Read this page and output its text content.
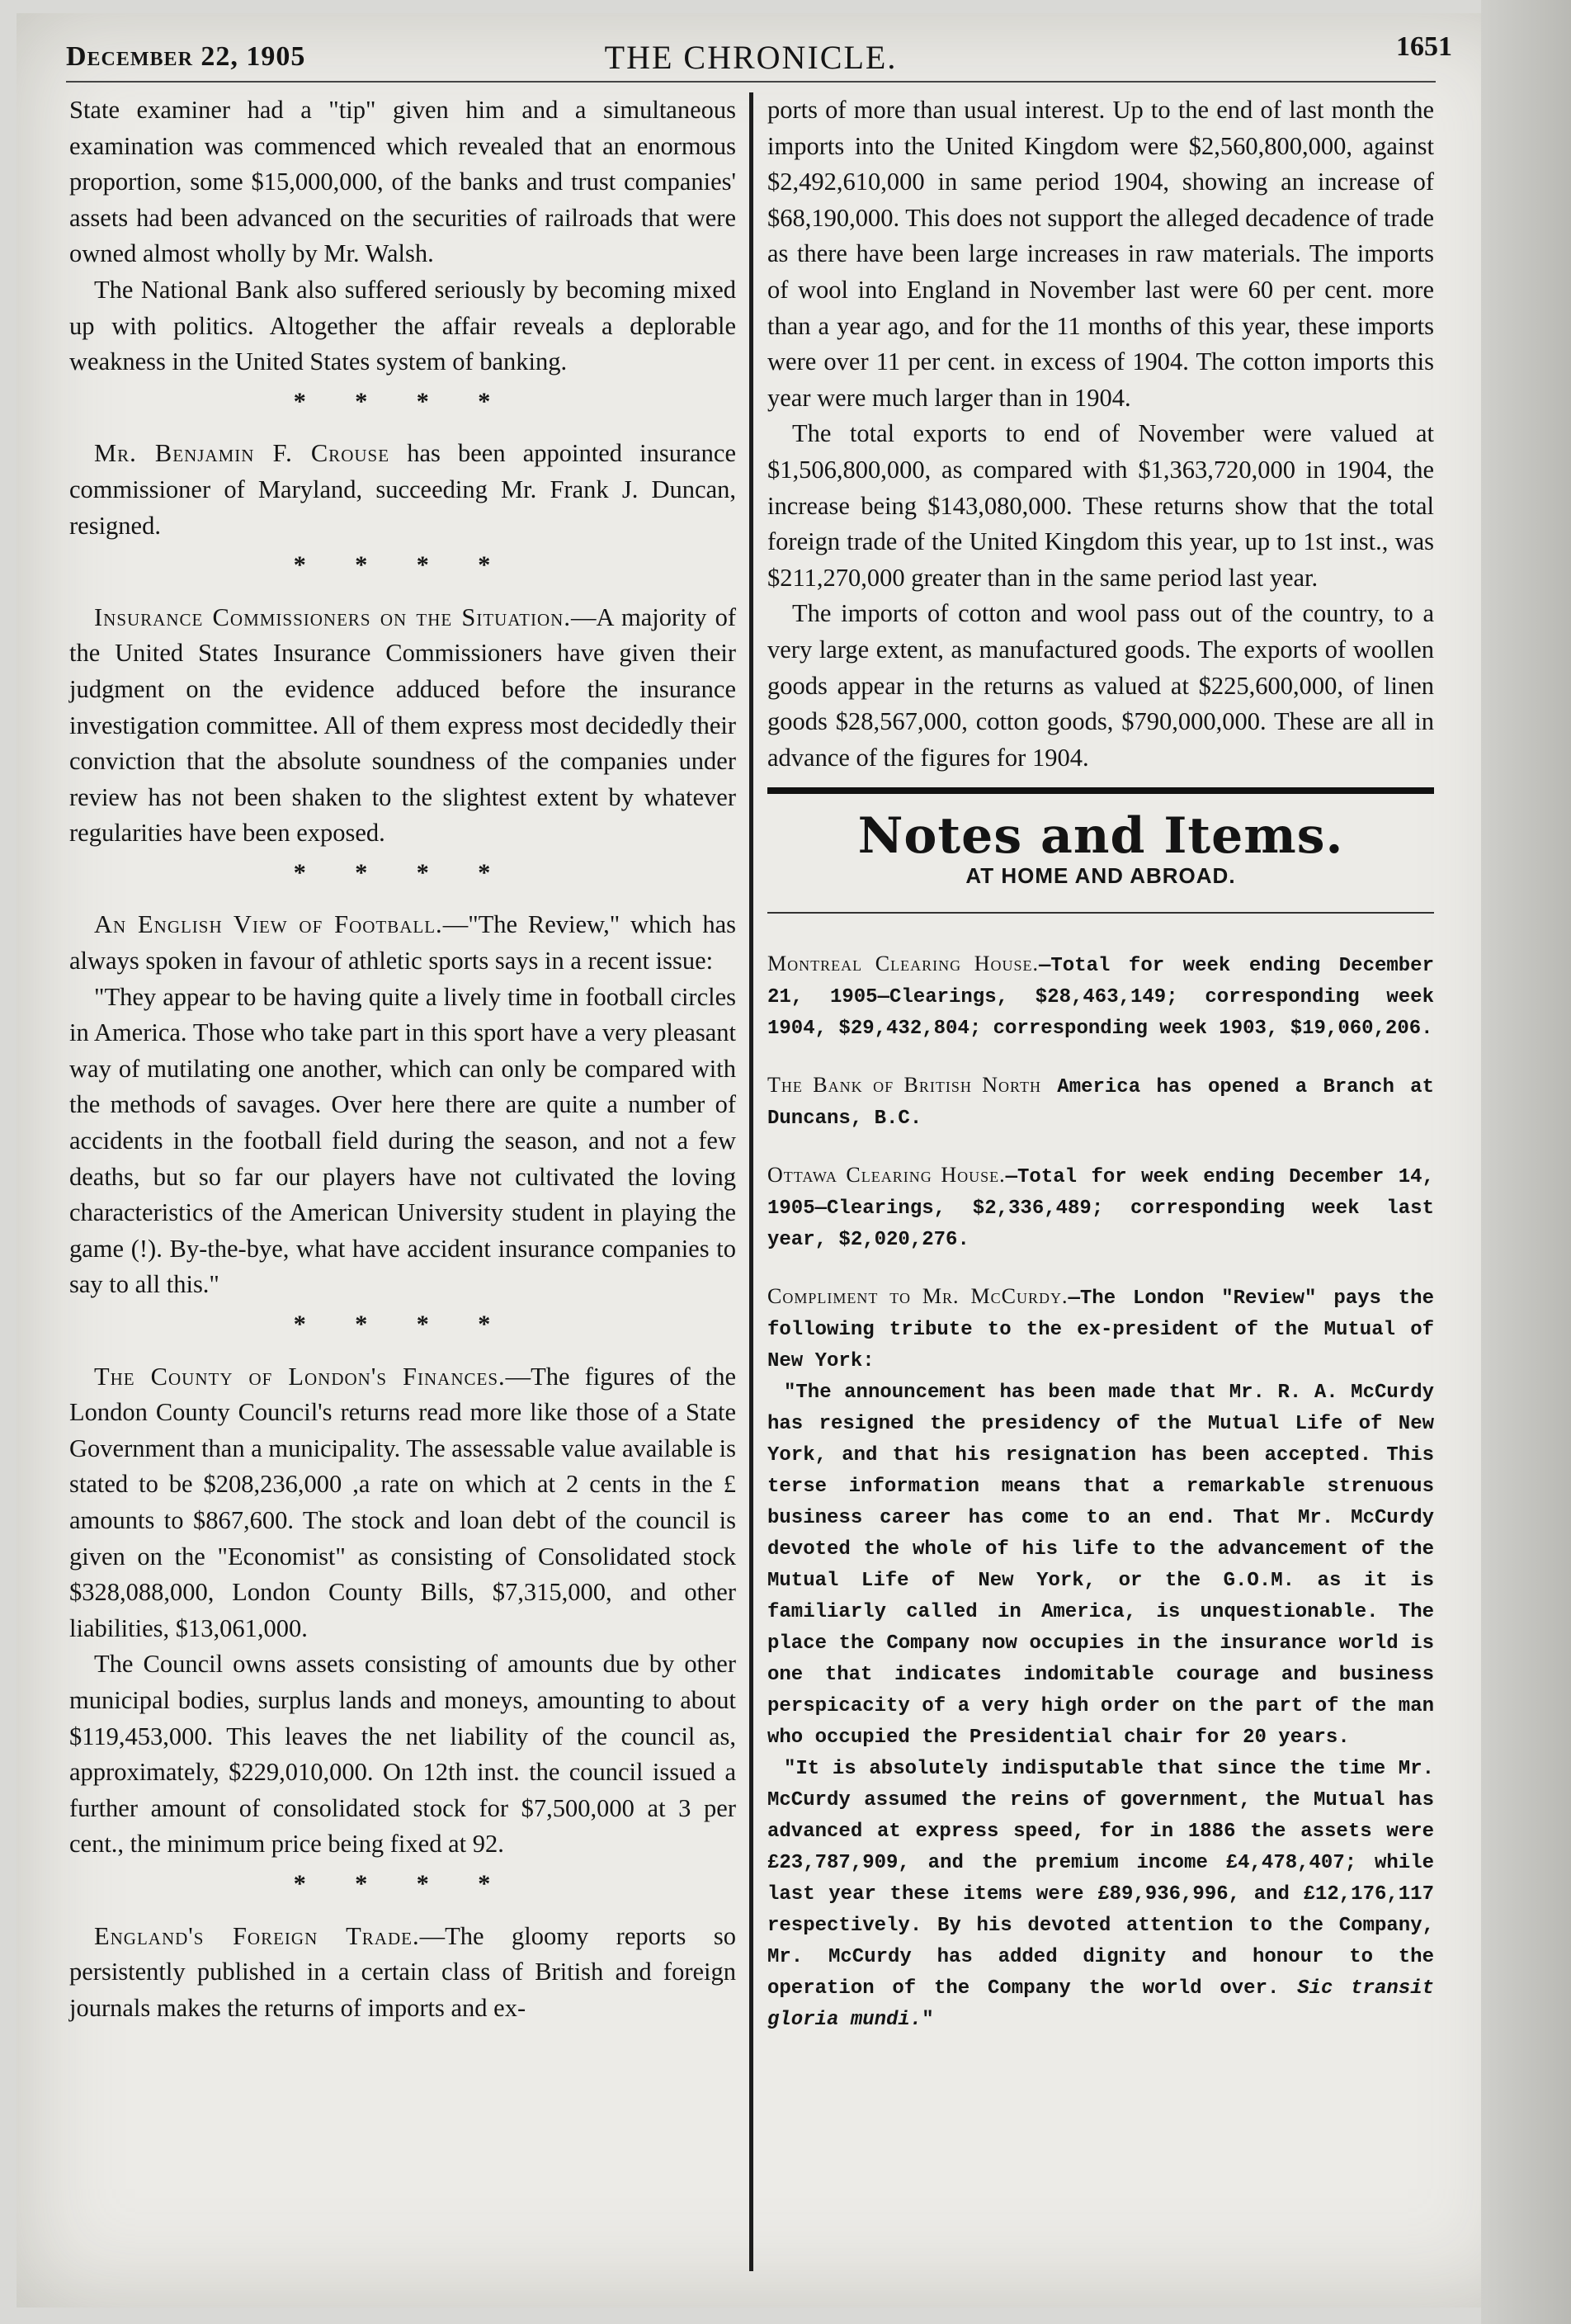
December 22, 1905	THE CHRONICLE.	1651

State examiner had a "tip" given him and a simultaneous examination was commenced which revealed that an enormous proportion, some $15,000,000, of the banks and trust companies' assets had been advanced on the securities of railroads that were owned almost wholly by Mr. Walsh.

The National Bank also suffered seriously by becoming mixed up with politics. Altogether the affair reveals a deplorable weakness in the United States system of banking.

* * * *

Mr. Benjamin F. Crouse has been appointed insurance commissioner of Maryland, succeeding Mr. Frank J. Duncan, resigned.

* * * *

Insurance Commissioners on the Situation.—A majority of the United States Insurance Commissioners have given their judgment on the evidence adduced before the insurance investigation committee. All of them express most decidedly their conviction that the absolute soundness of the companies under review has not been shaken to the slightest extent by whatever regularities have been exposed.

* * * *

An English View of Football.—"The Review," which has always spoken in favour of athletic sports says in a recent issue:

"They appear to be having quite a lively time in football circles in America. Those who take part in this sport have a very pleasant way of mutilating one another, which can only be compared with the methods of savages. Over here there are quite a number of accidents in the football field during the season, and not a few deaths, but so far our players have not cultivated the loving characteristics of the American University student in playing the game (!). By-the-bye, what have accident insurance companies to say to all this."

* * * *

The County of London's Finances.—The figures of the London County Council's returns read more like those of a State Government than a municipality. The assessable value available is stated to be $208,236,000 ,a rate on which at 2 cents in the £ amounts to $867,600. The stock and loan debt of the council is given on the "Economist" as consisting of Consolidated stock $328,088,000, London County Bills, $7,315,000, and other liabilities, $13,061,000.

The Council owns assets consisting of amounts due by other municipal bodies, surplus lands and moneys, amounting to about $119,453,000. This leaves the net liability of the council as, approximately, $229,010,000. On 12th inst. the council issued a further amount of consolidated stock for $7,500,000 at 3 per cent., the minimum price being fixed at 92.

* * * *

England's Foreign Trade.—The gloomy reports so persistently published in a certain class of British and foreign journals makes the returns of imports and ex-

ports of more than usual interest. Up to the end of last month the imports into the United Kingdom were $2,560,800,000, against $2,492,610,000 in same period 1904, showing an increase of $68,190,000. This does not support the alleged decadence of trade as there have been large increases in raw materials. The imports of wool into England in November last were 60 per cent. more than a year ago, and for the 11 months of this year, these imports were over 11 per cent. in excess of 1904. The cotton imports this year were much larger than in 1904.

The total exports to end of November were valued at $1,506,800,000, as compared with $1,363,720,000 in 1904, the increase being $143,080,000. These returns show that the total foreign trade of the United Kingdom this year, up to 1st inst., was $211,270,000 greater than in the same period last year.

The imports of cotton and wool pass out of the country, to a very large extent, as manufactured goods. The exports of woollen goods appear in the returns as valued at $225,600,000, of linen goods $28,567,000, cotton goods, $790,000,000. These are all in advance of the figures for 1904.

Notes and Items.
AT HOME AND ABROAD.

Montreal Clearing House.—Total for week ending December 21, 1905—Clearings, $28,463,149; corresponding week 1904, $29,432,804; corresponding week 1903, $19,060,206.

The Bank of British North America has opened a Branch at Duncans, B.C.

Ottawa Clearing House.—Total for week ending December 14, 1905—Clearings, $2,336,489; corresponding week last year, $2,020,276.

Compliment to Mr. McCurdy.—The London "Review" pays the following tribute to the ex-president of the Mutual of New York:

"The announcement has been made that Mr. R. A. McCurdy has resigned the presidency of the Mutual Life of New York, and that his resignation has been accepted. This terse information means that a remarkable strenuous business career has come to an end. That Mr. McCurdy devoted the whole of his life to the advancement of the Mutual Life of New York, or the G.O.M. as it is familiarly called in America, is unquestionable. The place the Company now occupies in the insurance world is one that indicates indomitable courage and business perspicacity of a very high order on the part of the man who occupied the Presidential chair for 20 years.

"It is absolutely indisputable that since the time Mr. McCurdy assumed the reins of government, the Mutual has advanced at express speed, for in 1886 the assets were £23,787,909, and the premium income £4,478,407; while last year these items were £89,936,996, and £12,176,117 respectively. By his devoted attention to the Company, Mr. McCurdy has added dignity and honour to the operation of the Company the world over. Sic transit gloria mundi."
